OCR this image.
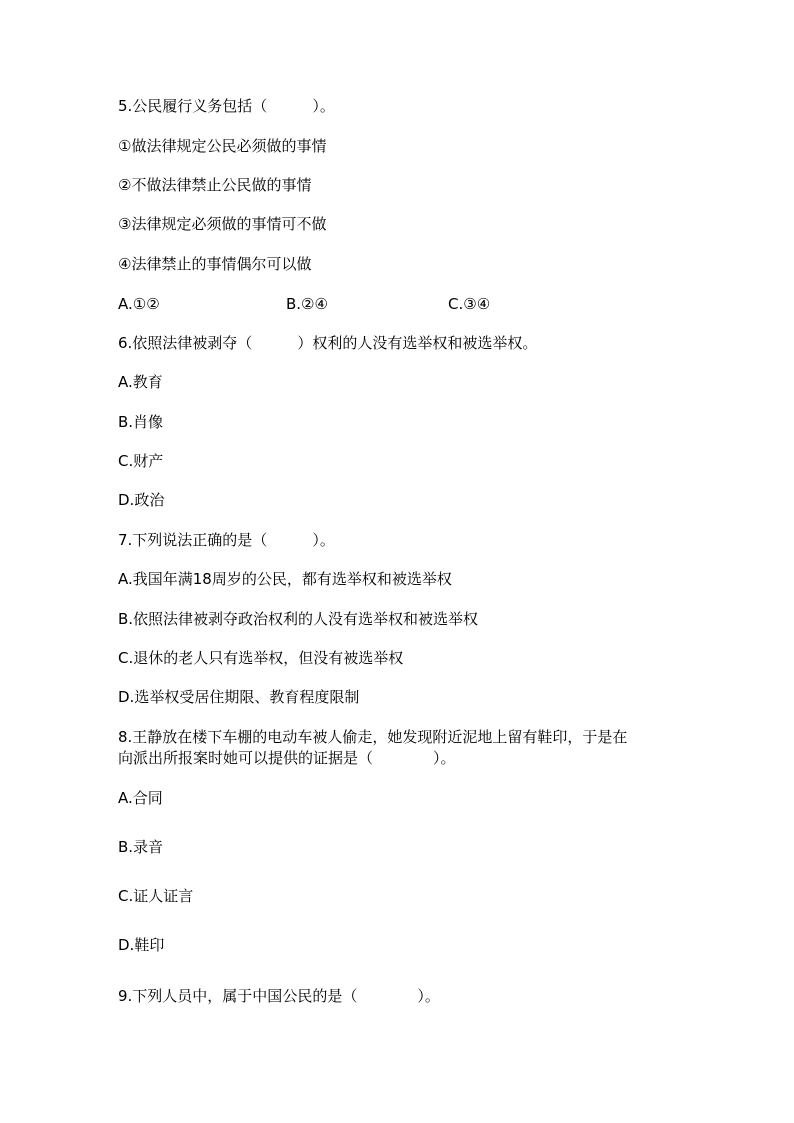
5.公民履行义务包括（　　　）。
①做法律规定公民必须做的事情
②不做法律禁止公民做的事情
③法律规定必须做的事情可不做
④法律禁止的事情偶尔可以做
A.①②	B.②④	C.③④
6.依照法律被剥夺（　　　）权利的人没有选举权和被选举权。
A.教育
B.肖像
C.财产
D.政治
7.下列说法正确的是（　　　）。
A.我国年满18周岁的公民，都有选举权和被选举权
B.依照法律被剥夺政治权利的人没有选举权和被选举权
C.退休的老人只有选举权，但没有被选举权
D.选举权受居住期限、教育程度限制
8.王静放在楼下车棚的电动车被人偷走，她发现附近泥地上留有鞋印，于是在
向派出所报案时她可以提供的证据是（　　　　）。
A.合同
B.录音
C.证人证言
D.鞋印
9.下列人员中，属于中国公民的是（　　　　）。
